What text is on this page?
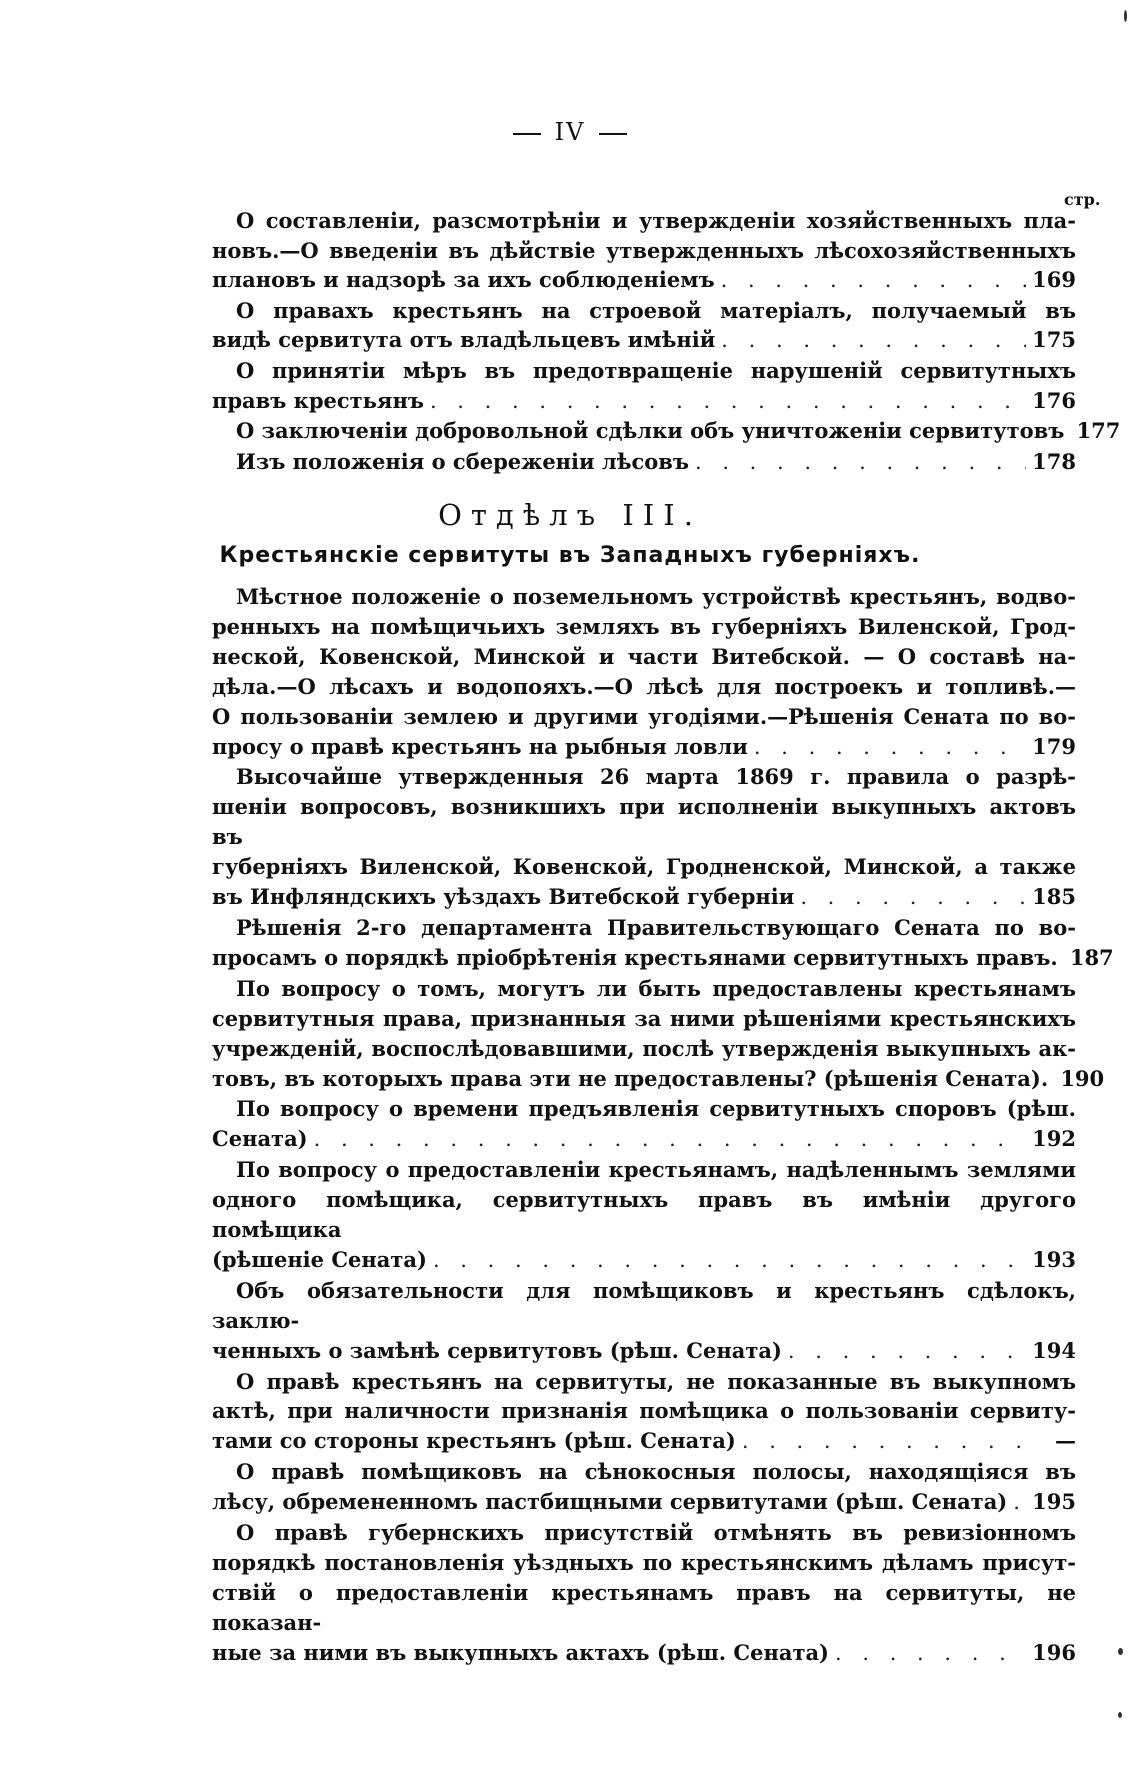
IV
стр.
О составленiи, разсмотрѣнiи и утвержденiи хозяйственныхъ пла-
новъ.—О введенiи въ дѣйствiе утвержденныхъ лѣсохозяйственныхъ
плановъ и надзорѣ за ихъ соблюденiемъ . . .	169
О правахъ крестьянъ на строевой матерiалъ, получаемый въ
видѣ сервитута отъ владѣльцевъ имѣнiй . . .	175
О принятiи мѣръ въ предотвращенiе нарушенiй сервитутныхъ
правъ крестьянъ . . .	176
О заключенiи добровольной сдѣлки объ уничтоженiи сервитутовъ 177
Изъ положенiя о сбереженiи лѣсовъ . . .	178
Отдѣлъ III.
Крестьянскiе сервитуты въ Западныхъ губернiяхъ.
Мѣстное положенiе о поземельномъ устройствѣ крестьянъ, водво-
ренныхъ на помѣщичьихъ земляхъ въ губернiяхъ Виленской, Грод-
неской, Ковенской, Минской и части Витебской. — О составѣ на-
дѣла.—О лѣсахъ и водопояхъ.—О лѣсѣ для построекъ и топливѣ.—
О пользованiи землею и другими угодiями.—Рѣшенiя Сената по во-
просу о правѣ крестьянъ на рыбныя ловли . . .	179
Высочайше утвержденныя 26 марта 1869 г. правила о разрѣ-
шенiи вопросовъ, возникшихъ при исполненiи выкупныхъ актовъ въ
губернiяхъ Виленской, Ковенской, Гродненской, Минской, а также
въ Инфляндскихъ уѣздахъ Витебской губернiи . . .	185
Рѣшенiя 2-го департамента Правительствующаго Сената по во-
просамъ о порядкѣ прiобрѣтенiя крестьянами сервитутныхъ правъ. 187
По вопросу о томъ, могутъ ли быть предоставлены крестьянамъ
сервитутныя права, признанныя за ними рѣшенiями крестьянскихъ
учрежденiй, воспослѣдовавшими, послѣ утвержденiя выкупныхъ ак-
товъ, въ которыхъ права эти не предоставлены? (рѣшенiя Сената). 190
По вопросу о времени предъявленiя сервитутныхъ споровъ (рѣш.
Сената) . . .	192
По вопросу о предоставленiи крестьянамъ, надѣленнымъ землями
одного помѣщика, сервитутныхъ правъ въ имѣнiи другого помѣщика
(рѣшенiе Сената) . . .	193
Объ обязательности для помѣщиковъ и крестьянъ сдѣлокъ, заклю-
ченныхъ о замѣнѣ сервитутовъ (рѣш. Сената) . . .	194
О правѣ крестьянъ на сервитуты, не показанные въ выкупномъ
актѣ, при наличности признанiя помѣщика о пользованiи сервиту-
тами со стороны крестьянъ (рѣш. Сената) . . .	—
О правѣ помѣщиковъ на сѣнокосныя полосы, находящiяся въ
лѣсу, обремененномъ пастбищными сервитутами (рѣш. Сената) . . . 195
О правѣ губернскихъ присутствiй отмѣнять въ ревизiонномъ
порядкѣ постановленiя уѣздныхъ по крестьянскимъ дѣламъ присут-
ствiй о предоставленiи крестьянамъ правъ на сервитуты, не показан-
ные за ними въ выкупныхъ актахъ (рѣш. Сената) . . .	196
